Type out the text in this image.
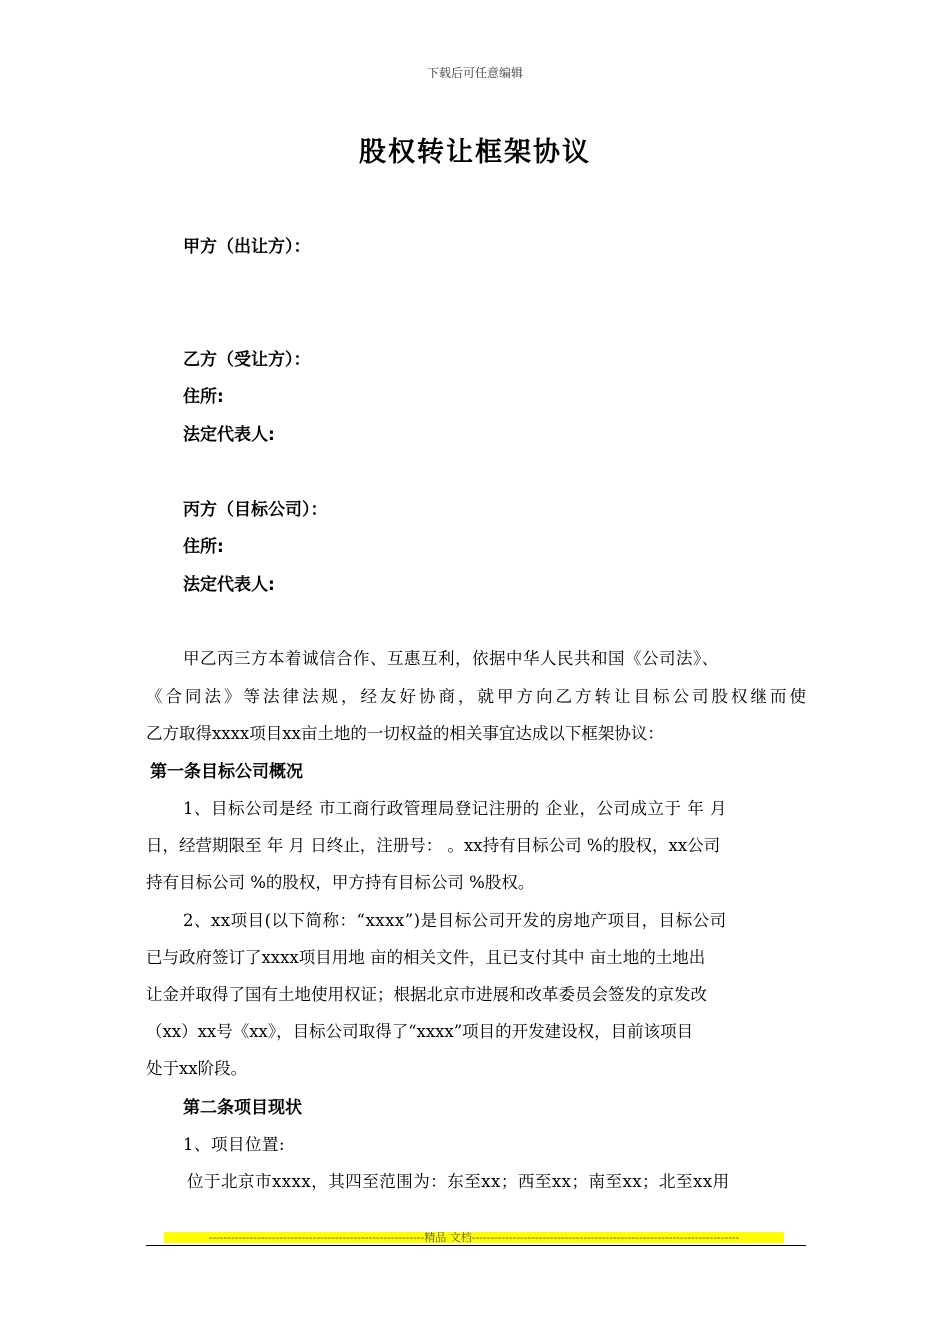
下载后可任意编辑
股权转让框架协议
甲方（出让方）：
乙方（受让方）：
住所:
法定代表人:
丙方（目标公司）：
住所:
法定代表人:
甲乙丙三方本着诚信合作、互惠互利，依据中华人民共和国《公司法》、
《合同法》等法律法规，经友好协商，就甲方向乙方转让目标公司股权继而使
乙方取得xxxx项目xx亩土地的一切权益的相关事宜达成以下框架协议：
第一条目标公司概况
1、目标公司是经 市工商行政管理局登记注册的 企业，公司成立于 年 月
日，经营期限至 年 月 日终止，注册号： 。xx持有目标公司 %的股权，xx公司
持有目标公司 %的股权，甲方持有目标公司 %股权。
2、xx项目(以下简称：“xxxx”)是目标公司开发的房地产项目，目标公司
已与政府签订了xxxx项目用地 亩的相关文件，且已支付其中 亩土地的土地出
让金并取得了国有土地使用权证；根据北京市进展和改革委员会签发的京发改
（xx）xx号《xx》，目标公司取得了“xxxx”项目的开发建设权，目前该项目
处于xx阶段。
第二条项目现状
1、项目位置:
位于北京市xxxx，其四至范围为：东至xx；西至xx；南至xx；北至xx用
----------------------------------------------------------精品 文档------------------------------------------------------------------------
